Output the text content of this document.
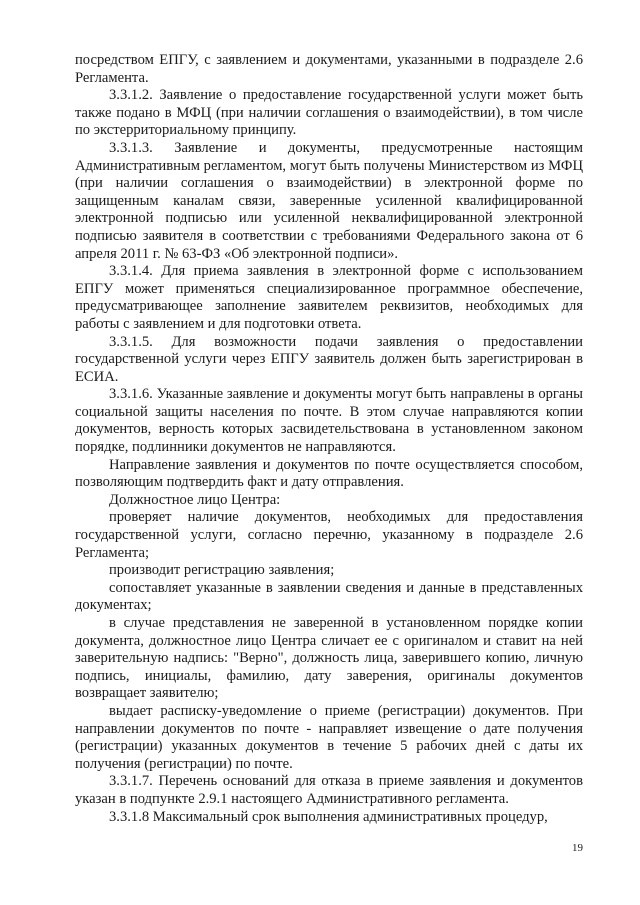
посредством ЕПГУ, с заявлением и документами, указанными в подразделе 2.6 Регламента.

3.3.1.2. Заявление о предоставление государственной услуги может быть также подано в МФЦ (при наличии соглашения о взаимодействии), в том числе по экстерриториальному принципу.

3.3.1.3. Заявление и документы, предусмотренные настоящим Административным регламентом, могут быть получены Министерством из МФЦ (при наличии соглашения о взаимодействии) в электронной форме по защищенным каналам связи, заверенные усиленной квалифицированной электронной подписью или усиленной неквалифицированной электронной подписью заявителя в соответствии с требованиями Федерального закона от 6 апреля 2011 г. № 63-ФЗ «Об электронной подписи».

3.3.1.4. Для приема заявления в электронной форме с использованием ЕПГУ может применяться специализированное программное обеспечение, предусматривающее заполнение заявителем реквизитов, необходимых для работы с заявлением и для подготовки ответа.

3.3.1.5. Для возможности подачи заявления о предоставлении государственной услуги через ЕПГУ заявитель должен быть зарегистрирован в ЕСИА.

3.3.1.6. Указанные заявление и документы могут быть направлены в органы социальной защиты населения по почте. В этом случае направляются копии документов, верность которых засвидетельствована в установленном законом порядке, подлинники документов не направляются.

Направление заявления и документов по почте осуществляется способом, позволяющим подтвердить факт и дату отправления.

Должностное лицо Центра:

проверяет наличие документов, необходимых для предоставления государственной услуги, согласно перечню, указанному в подразделе 2.6 Регламента;

производит регистрацию заявления;

сопоставляет указанные в заявлении сведения и данные в представленных документах;

в случае представления не заверенной в установленном порядке копии документа, должностное лицо Центра сличает ее с оригиналом и ставит на ней заверительную надпись: "Верно", должность лица, заверившего копию, личную подпись, инициалы, фамилию, дату заверения, оригиналы документов возвращает заявителю;

выдает расписку-уведомление о приеме (регистрации) документов. При направлении документов по почте - направляет извещение о дате получения (регистрации) указанных документов в течение 5 рабочих дней с даты их получения (регистрации) по почте.

3.3.1.7. Перечень оснований для отказа в приеме заявления и документов указан в подпункте 2.9.1 настоящего Административного регламента.

3.3.1.8 Максимальный срок выполнения административных процедур,

19
